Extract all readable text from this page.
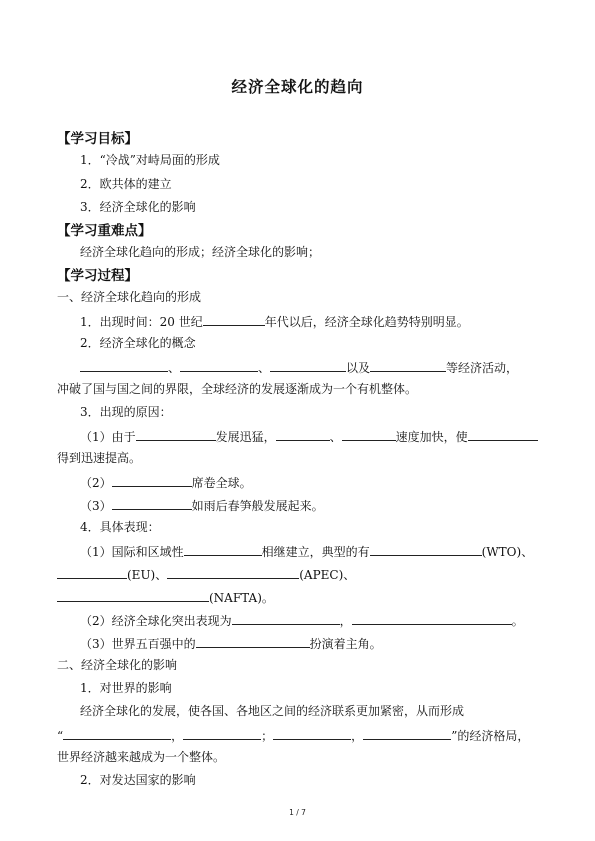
经济全球化的趋向
【学习目标】
1．“冷战”对峙局面的形成
2．欧共体的建立
3．经济全球化的影响
【学习重难点】
经济全球化趋向的形成；经济全球化的影响；
【学习过程】
一、经济全球化趋向的形成
1．出现时间：20 世纪	年代以后，经济全球化趋势特别明显。
2．经济全球化的概念
、	、	以及	等经济活动，
冲破了国与国之间的界限，全球经济的发展逐渐成为一个有机整体。
3．出现的原因：
（1）由于	发展迅猛，	、	速度加快，使
得到迅速提高。
（2）	席卷全球。
（3）	如雨后春笋般发展起来。
4．具体表现：
（1）国际和区域性	相继建立，典型的有	(WTO)、
(EU)、	(APEC)、
(NAFTA)。
（2）经济全球化突出表现为	，	。
（3）世界五百强中的	扮演着主角。
二、经济全球化的影响
1．对世界的影响
经济全球化的发展，使各国、各地区之间的经济联系更加紧密，从而形成
“	，	；	，	”的经济格局，
世界经济越来越成为一个整体。
1 / 7
2．对发达国家的影响
